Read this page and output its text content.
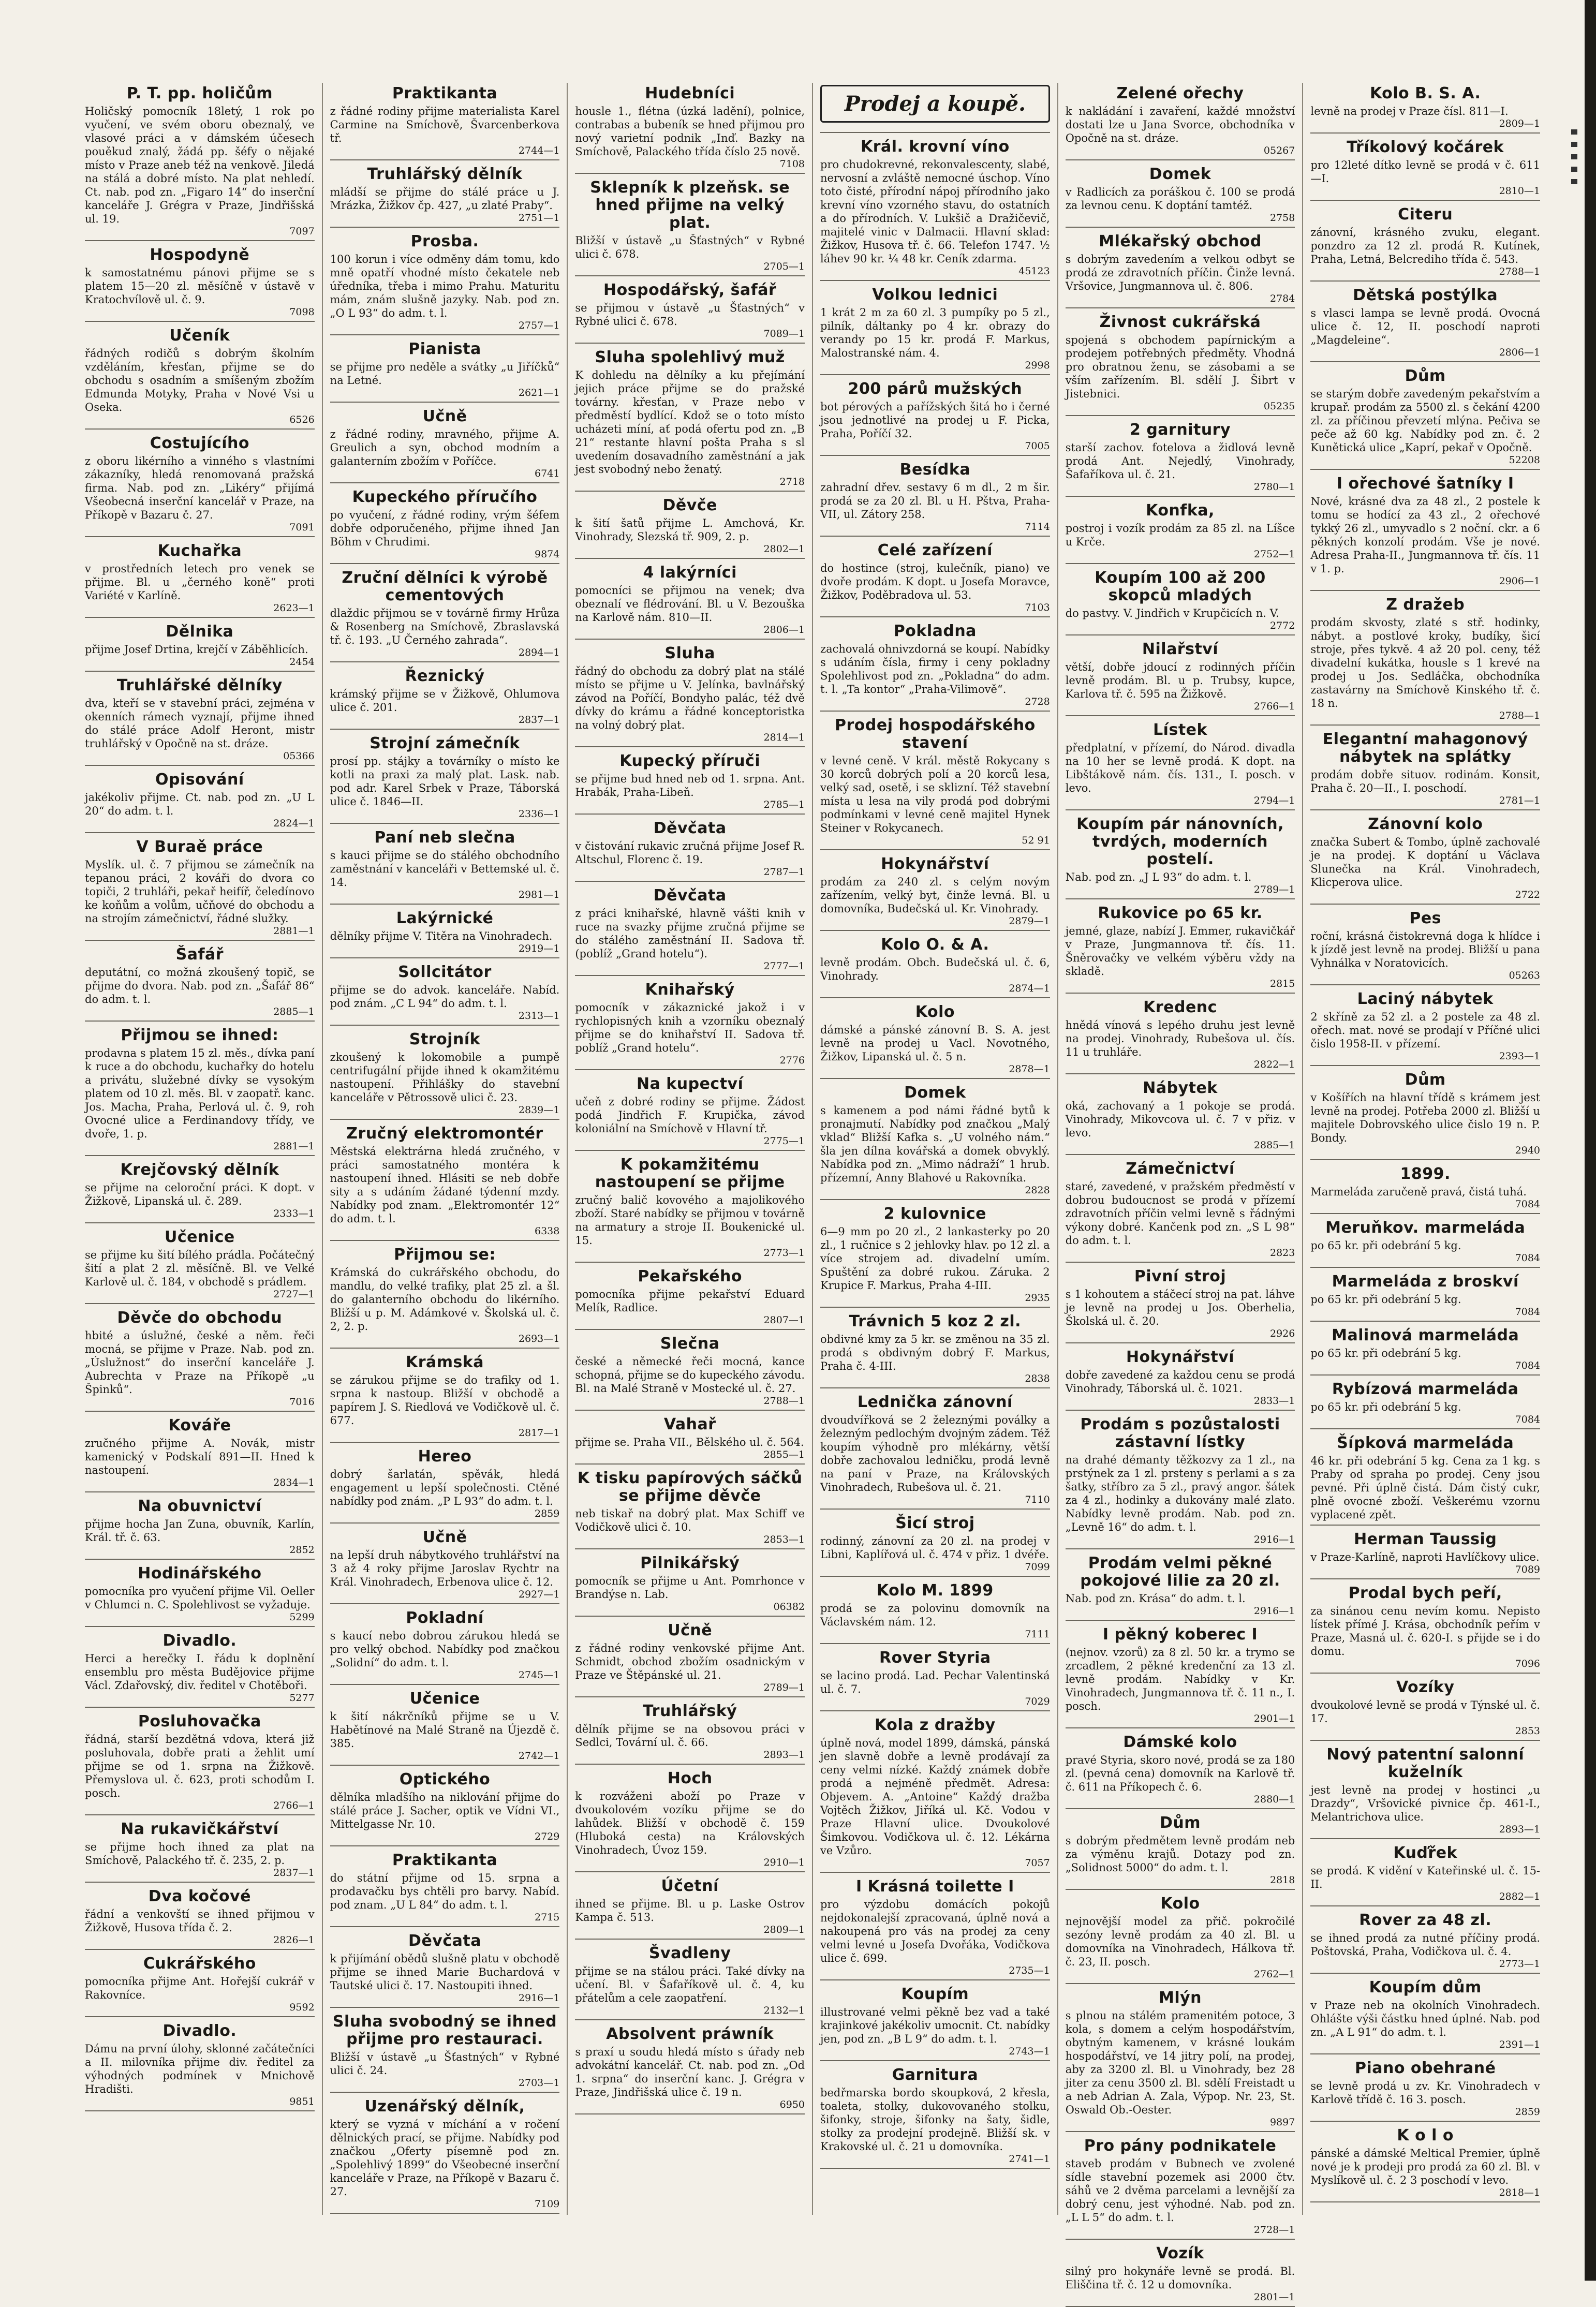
P. T. pp. holičům

Holičský pomocník 18letý, 1 rok po vyučení, ve svém oboru obeznalý, ve vlasové práci a v dámském účesech pouěkud znalý, žádá pp. šéfy o nějaké místo v Praze aneb též na venkově. Jiledá na stálá a dobré místo. Na plat nehledí. Ct. nab. pod zn. „Figaro 14“ do inserční kanceláře J. Grégra v Praze, Jindřišská ul. 19.

7097
Hospodyně

k samostatnému pánovi přijme se s platem 15—20 zl. měsíčně v ústavě v Kratochvílově ul. č. 9.

7098
Učeník

řádných rodičů s dobrým školním vzděláním, křesťan, přijme se do obchodu s osadním a smíšeným zbožím Edmunda Motyky, Praha v Nové Vsi u Oseka.

6526
Costujícího

z oboru likérního a vinného s vlastními zákazníky, hledá renomovaná pražská firma. Nab. pod zn. „Likéry“ přijímá Všeobecná inserční kancelář v Praze, na Příkopě v Bazaru č. 27.

7091
Kuchařka

v prostředních letech pro venek se přijme. Bl. u „černého koně“ proti Variété v Karlíně.

2623—1
Dělnika

přijme Josef Drtina, krejčí v Záběhlicích.

2454
Truhlářské dělníky

dva, kteří se v stavební práci, zejména v okenních rámech vyznají, přijme ihned do stálé práce Adolf Heront, mistr truhlářský v Opočně na st. dráze.

05366
Opisování

jakékoliv přijme. Ct. nab. pod zn. „U L 20“ do adm. t. l.

2824—1
V Buraě práce

Myslík. ul. č. 7 přijmou se zámečník na tepanou práci, 2 kováři do dvora co topiči, 2 truhláři, pekař heifíř, čeledínovo ke koňům a volům, učňové do obchodu a na strojím zámečnictví, řádné služky.

2881—1
Šafář

deputátní, co možná zkoušený topič, se přijme do dvora. Nab. pod zn. „Šafář 86“ do adm. t. l.

2885—1
Přijmou se ihned:

prodavna s platem 15 zl. měs., dívka paní k ruce a do obchodu, kuchařky do hotelu a privátu, služebné dívky se vysokým platem od 10 zl. měs. Bl. v zaopatř. kanc. Jos. Macha, Praha, Perlová ul. č. 9, roh Ovocné ulice a Ferdinandovy třídy, ve dvoře, 1. p.

2881—1
Krejčovský dělník

se přijme na celoroční práci. K dopt. v Žižkově, Lipanská ul. č. 289.

2333—1
Učenice

se přijme ku šití bílého prádla. Počátečný šití a plat 2 zl. měsíčně. Bl. ve Velké Karlově ul. č. 184, v obchodě s prádlem.

2727—1
Děvče do obchodu

hbité a úslužné, české a něm. řeči mocná, se přijme v Praze. Nab. pod zn. „Úslužnost“ do inserční kanceláře J. Aubrechta v Praze na Příkopě „u Špinků“.

7016
Kováře

zručného přijme A. Novák, mistr kamenický v Podskalí 891—II. Hned k nastoupení.

2834—1
Na obuvnictví

přijme hocha Jan Zuna, obuvník, Karlín, Král. tř. č. 63.

2852
Hodinářského

pomocníka pro vyučení přijme Vil. Oeller v Chlumci n. C. Spolehlivost se vyžaduje.

5299
Divadlo.

Herci a herečky I. řádu k doplnění ensemblu pro města Budějovice přijme Václ. Zdařovský, div. ředitel v Chotěboři.

5277
Posluhovačka

řádná, starší bezdětná vdova, která již posluhovala, dobře prati a žehlit umí přijme se od 1. srpna na Žižkově. Přemyslova ul. č. 623, proti schodům I. posch.

2766—1
Na rukavičkářství

se přijme hoch ihned za plat na Smíchově, Palackého tř. č. 235, 2. p.

2837—1
Dva kočové

řádní a venkovští se ihned přijmou v Žižkově, Husova třída č. 2.

2826—1
Cukrářského

pomocníka přijme Ant. Hořejší cukrář v Rakovníce.

9592
Divadlo.

Dámu na první úlohy, sklonné začátečníci a II. milovníka přijme div. ředitel za výhodných podmínek v Mnichově Hradišti.

9851
Praktikanta

z řádné rodiny přijme materialista Karel Carmine na Smíchově, Švarcenberkova tř.

2744—1
Truhlářský dělník

mládší se přijme do stálé práce u J. Mrázka, Žižkov čp. 427, „u zlaté Praby“.

2751—1
Prosba.

100 korun i více odměny dám tomu, kdo mně opatří vhodné místo čekatele neb úředníka, třeba i mimo Prahu. Maturitu mám, znám slušně jazyky. Nab. pod zn. „O L 93“ do adm. t. l.

2757—1
Pianista

se přijme pro neděle a svátky „u Jiříčků“ na Letné.

2621—1
Učně

z řádné rodiny, mravného, přijme A. Greulich a syn, obchod modním a galanterním zbožím v Poříčce.

6741
Kupeckého příručího

po vyučení, z řádné rodiny, vrým šéfem dobře odporučeného, přijme ihned Jan Böhm v Chrudimi.

9874
Zruční dělníci k výrobě cementových

dlaždic přijmou se v továrně firmy Hrůza & Rosenberg na Smíchově, Zbraslavská tř. č. 193. „U Černého zahrada“.

2894—1
Řeznický

krámský přijme se v Žižkově, Ohlumova ulice č. 201.

2837—1
Strojní zámečník

prosí pp. stájky a továrníky o místo ke kotli na praxi za malý plat. Lask. nab. pod adr. Karel Srbek v Praze, Táborská ulice č. 1846—II.

2336—1
Paní neb slečna

s kauci přijme se do stálého obchodního zaměstnání v kanceláři v Bettemské ul. č. 14.

2981—1
Lakýrnické

dělníky přijme V. Titěra na Vinohradech.

2919—1
Sollcitátor

přijme se do advok. kanceláře. Nabíd. pod znám. „C L 94“ do adm. t. l.

2313—1
Strojník

zkoušený k lokomobile a pumpě centrifugální přijde ihned k okamžitému nastoupení. Přihlášky do stavební kanceláře v Pětrossově ulici č. 23.

2839—1
Zručný elektromontér

Městská elektrárna hledá zručného, v práci samostatného montéra k nastoupení ihned. Hlásiti se neb dobře sity a s udáním žádané týdenní mzdy. Nabídky pod znam. „Elektromontér 12“ do adm. t. l.

6338
Přijmou se:

Krámská do cukrářského obchodu, do mandlu, do velké trafiky, plat 25 zl. a šl. do galanterního obchodu do likérního. Bližší u p. M. Adámkové v. Školská ul. č. 2, 2. p.

2693—1
Krámská

se zárukou přijme se do trafiky od 1. srpna k nastoup. Bližší v obchodě a papírem J. S. Riedlová ve Vodičkově ul. č. 677.

2817—1
Hereo

dobrý šarlatán, spěvák, hledá engagement u lepší společnosti. Ctěné nabídky pod znám. „P L 93“ do adm. t. l.

2859
Učně

na lepší druh nábytkového truhlářství na 3 až 4 roky přijme Jaroslav Rychtr na Král. Vinohradech, Erbenova ulice č. 12.

2927—1
Pokladní

s kaucí nebo dobrou zárukou hledá se pro velký obchod. Nabídky pod značkou „Solidní“ do adm. t. l.

2745—1
Učenice

k šití nákrčníků přijme se u V. Habětínové na Malé Straně na Újezdě č. 385.

2742—1
Optického

dělníka mladšího na niklování přijme do stálé práce J. Sacher, optik ve Vídni VI., Mittelgasse Nr. 10.

2729
Praktikanta

do státní přijme od 15. srpna a prodavačku bys chtěli pro barvy. Nabíd. pod znam. „U L 84“ do adm. t. l.

2715
Děvčata

k přijímání obědů slušně platu v obchodě přijme se ihned Marie Buchardová v Tautské ulici č. 17. Nastoupiti ihned.

2916—1
Sluha svobodný se ihned přijme pro restauraci.

Bližší v ústavě „u Šťastných“ v Rybné ulici č. 24.

2703—1
Uzenářský dělník,

který se vyzná v míchání a v ročení dělnických prací, se přijme. Nabídky pod značkou „Oferty písemně pod zn. „Spolehlivý 1899“ do Všeobecné inserční kanceláře v Praze, na Příkopě v Bazaru č. 27.

7109
Hudebníci

housle 1., flétna (úzká ladění), polnice, contrabas a bubeník se hned přijmou pro nový varietní podnik „Inď. Bazky na Smíchově, Palackého třída číslo 25 nově.

7108
Sklepník k plzeňsk. se hned přijme na velký plat.

Bližší v ústavě „u Šťastných“ v Rybné ulici č. 678.

2705—1
Hospodářský, šafář

se přijmou v ústavě „u Šťastných“ v Rybné ulici č. 678.

7089—1
Sluha spolehlivý muž

K dohledu na dělníky a ku přejímání jejich práce přijme se do pražské továrny. křesťan, v Praze nebo v předměstí bydlící. Kdož se o toto místo ucházeti míní, ať podá ofertu pod zn. „B 21“ restante hlavní pošta Praha s sl uvedením dosavadního zaměstnání a jak jest svobodný nebo ženatý.

2718
Děvče

k šití šatů přijme L. Amchová, Kr. Vinohrady, Slezská tř. 909, 2. p.

2802—1
4 lakýrníci

pomocníci se přijmou na venek; dva obeznalí ve flédrování. Bl. u V. Bezouška na Karlově nám. 810—II.

2806—1
Sluha

řádný do obchodu za dobrý plat na stálé místo se přijme u V. Jelínka, bavlnářský závod na Poříčí, Bondyho palác, též dvě dívky do krámu a řádné konceptoristka na volný dobrý plat.

2814—1
Kupecký příruči

se přijme bud hned neb od 1. srpna. Ant. Hrabák, Praha-Libeň.

2785—1
Děvčata

v čistování rukavic zručná přijme Josef R. Altschul, Florenc č. 19.

2787—1
Děvčata

z práci knihařské, hlavně vášti knih v ruce na svazky přijme zručná přijme se do stálého zaměstnání II. Sadova tř. (poblíž „Grand hotelu“).

2777—1
Knihařský

pomocník v zákaznické jakož i v rychlopisných knih a vzorníku obeznalý přijme se do knihařství II. Sadova tř. poblíž „Grand hotelu“.

2776
Na kupectví

učeň z dobré rodiny se přijme. Žádost podá Jindřich F. Krupička, závod koloniální na Smíchově v Hlavní tř.

2775—1
K pokamžitému nastoupení se přijme

zručný balič kovového a majolikového zboží. Staré nabídky se přijmou v továrně na armatury a stroje II. Boukenické ul. 15.

2773—1
Pekařského

pomocníka přijme pekařství Eduard Melík, Radlice.

2807—1
Slečna

české a německé řeči mocná, kance schopná, přijme se do kupeckého závodu. Bl. na Malé Straně v Mostecké ul. č. 27.

2788—1
Vahař

přijme se. Praha VII., Bělského ul. č. 564.

2855—1
K tisku papírových sáčků se přijme děvče

neb tiskař na dobrý plat. Max Schiff ve Vodičkově ulici č. 10.

2853—1
Pilnikářský

pomocník se přijme u Ant. Pomrhonce v Brandýse n. Lab.

06382
Učně

z řádné rodiny venkovské přijme Ant. Schmidt, obchod zbožím osadnickým v Praze ve Štěpánské ul. 21.

2789—1
Truhlářský

dělník přijme se na obsovou práci v Sedlci, Tovární ul. č. 66.

2893—1
Hoch

k rozváženi aboží po Praze v dvoukolovém vozíku přijme se do lahůdek. Bližší v obchodě č. 159 (Hluboká cesta) na Královských Vinohradech, Úvoz 159.

2910—1
Účetní

ihned se přijme. Bl. u p. Laske Ostrov Kampa č. 513.

2809—1
Švadleny

přijme se na stálou práci. Také dívky na učení. Bl. v Šafaříkově ul. č. 4, ku přátelům a cele zaopatření.

2132—1
Absolvent práwník

s praxí u soudu hledá místo s úřady neb advokátní kancelář. Ct. nab. pod zn. „Od 1. srpna“ do inserční kanc. J. Grégra v Praze, Jindřišská ulice č. 19 n.

6950
Prodej a koupě.
Král. krovní víno

pro chudokrevné, rekonvalescenty, slabé, nervosní a zvláště nemocné úschop. Víno toto čisté, přírodní nápoj přírodního jako krevní víno vzorného stavu, do ostatních a do přírodních. V. Lukšič a Dražičevič, majitelé vinic v Dalmacii. Hlavní sklad: Žižkov, Husova tř. č. 66. Telefon 1747. ½ láhev 90 kr. ¼ 48 kr. Ceník zdarma.

45123
Volkou lednici

1 krát 2 m za 60 zl. 3 pumpíky po 5 zl., pilník, dáltanky po 4 kr. obrazy do verandy po 15 kr. prodá F. Markus, Malostranské nám. 4.

2998
200 párů mužských

bot pérových a pařížských šitá ho i černé jsou jednotlivé na prodej u F. Picka, Praha, Poříčí 32.

7005
Besídka

zahradní dřev. sestavy 6 m dl., 2 m šir. prodá se za 20 zl. Bl. u H. Pštva, Praha-VII, ul. Zátory 258.

7114
Celé zařízení

do hostince (stroj, kulečník, piano) ve dvoře prodám. K dopt. u Josefa Moravce, Žižkov, Poděbradova ul. 53.

7103
Pokladna

zachovalá ohnivzdorná se koupí. Nabídky s udáním čísla, firmy i ceny pokladny Spolehlivost pod zn. „Pokladna“ do adm. t. l. „Ta kontor“ „Praha-Vilimově“.

2728
Prodej hospodářského stavení

v levné ceně. V král. městě Rokycany s 30 korců dobrých polí a 20 korců lesa, velký sad, osetě, i se sklizní. Též stavební místa u lesa na vily prodá pod dobrými podmínkami v levné ceně majitel Hynek Steiner v Rokycanech.

52 91
Hokynářství

prodám za 240 zl. s celým novým zařízením, velký byt, činže levná. Bl. u domovníka, Budečská ul. Kr. Vinohrady.

2879—1
Kolo O. & A.

levně prodám. Obch. Budečská ul. č. 6, Vinohrady.

2874—1
Kolo

dámské a pánské zánovní B. S. A. jest levně na prodej u Vacl. Novotného, Žižkov, Lipanská ul. č. 5 n.

2878—1
Domek

s kamenem a pod námi řádné bytů k pronajmutí. Nabídky pod značkou „Malý vklad“ Bližší Kafka s. „U volného nám.“ šla jen dílna kovářská a domek obvyklý. Nabídka pod zn. „Mimo nádraží“ 1 hrub. přízemní, Anny Blahové u Rakovníka.

2828
2 kulovnice

6—9 mm po 20 zl., 2 lankasterky po 20 zl., 1 ručnice s 2 jehlovky hlav. po 12 zl. a více strojem ad. divadelní umím. Spuštění za dobré rukou. Záruka. 2 Krupice F. Markus, Praha 4-III.

2935
Trávnich 5 koz 2 zl.

obdivné kmy za 5 kr. se změnou na 35 zl. prodá s obdivným dobrý F. Markus, Praha č. 4-III.

2838
Lednička zánovní

dvoudvířková se 2 železnými poválky a železným pedlochým dvojným zádem. Též koupím výhodně pro mlékárny, větší dobře zachovalou ledničku, prodá levně na paní v Praze, na Královských Vinohradech, Rubešova ul. č. 21.

7110
Šicí stroj

rodinný, zánovní za 20 zl. na prodej v Libni, Kaplířová ul. č. 474 v přiz. 1 dvéře.

7099
Kolo M. 1899

prodá se za polovinu domovník na Václavském nám. 12.

7111
Rover Styria

se lacino prodá. Lad. Pechar Valentinská ul. č. 7.

7029
Kola z dražby

úplně nová, model 1899, dámská, pánská jen slavně dobře a levně prodávají za ceny velmi nízké. Každý známek dobře prodá a nejméně předmět. Adresa: Objevem. A. „Antoine“ Každý dražba Vojtěch Žižkov, Jiříká ul. Kč. Vodou v Praze Hlavní ulice. Dvoukolové Šimkovou. Vodičkova ul. č. 12. Lékárna ve Vzůro.

7057
I Krásná toilette I

pro výzdobu domácích pokojů nejdokonalejší zpracovaná, úplně nová a nakoupená pro vás na prodej za ceny velmi levné u Josefa Dvořáka, Vodičkova ulice č. 699.

2735—1
Koupím

illustrované velmi pěkně bez vad a také krajinkové jakékoliv umocnit. Ct. nabídky jen, pod zn. „B L 9“ do adm. t. l.

2743—1
Garnitura

bedřmarska bordo skoupková, 2 křesla, toaleta, stolky, dukovovaného stolku, šifonky, stroje, šifonky na šaty, šidle, stolky za prodejní prodejně. Bližší sk. v Krakovské ul. č. 21 u domovníka.

2741—1
Zelené ořechy

k nakládání i zavaření, každé množství dostati lze u Jana Svorce, obchodníka v Opočně na st. dráze.

05267
Domek

v Radlicích za poráškou č. 100 se prodá za levnou cenu. K doptání tamtéž.

2758
Mlékařský obchod

s dobrým zavedením a velkou odbyt se prodá ze zdravotních příčin. Činže levná. Vršovice, Jungmannova ul. č. 806.

2784
Živnost cukrářská

spojená s obchodem papírnickým a prodejem potřebných předměty. Vhodná pro obratnou ženu, se zásobami a se vším zařízením. Bl. sdělí J. Šibrt v Jistebnici.

05235
2 garnitury

starší zachov. fotelova a židlová levně prodá Ant. Nejedlý, Vinohrady, Šafaříkova ul. č. 21.

2780—1
Konfka,

postroj i vozík prodám za 85 zl. na Líšce u Krče.

2752—1
Koupím 100 až 200 skopců mladých

do pastvy. V. Jindřich v Krupčicích n. V.

2772
Nilařství

větší, dobře jdoucí z rodinných příčin levně prodám. Bl. u p. Trubsy, kupce, Karlova tř. č. 595 na Žižkově.

2766—1
Lístek

předplatní, v přízemí, do Národ. divadla na 10 her se levně prodá. K dopt. na Libštákově nám. čís. 131., I. posch. v levo.

2794—1
Koupím pár nánovních, tvrdých, moderních postelí.

Nab. pod zn. „J L 93“ do adm. t. l.

2789—1
Rukovice po 65 kr.

jemné, glaze, nabízí J. Emmer, rukavičkář v Praze, Jungmannova tř. čís. 11. Šněrovačky ve velkém výběru vždy na skladě.

2815
Kredenc

hnědá vínová s lepého druhu jest levně na prodej. Vinohrady, Rubešova ul. čís. 11 u truhláře.

2822—1
Nábytek

oká, zachovaný a 1 pokoje se prodá. Vinohrady, Mikovcova ul. č. 7 v přiz. v levo.

2885—1
Zámečnictví

staré, zavedené, v pražském předměstí v dobrou budoucnost se prodá v přízemí zdravotních příčin velmi levně s řádnými výkony dobré. Kančenk pod zn. „S L 98“ do adm. t. l.

2823
Pivní stroj

s 1 kohoutem a stáčecí stroj na pat. láhve je levně na prodej u Jos. Oberhelia, Školská ul. č. 20.

2926
Hokynářství

dobře zavedené za každou cenu se prodá Vinohrady, Táborská ul. č. 1021.

2833—1
Prodám s pozůstalosti zástavní lístky

na drahé démanty těžkozvy za 1 zl., na prstýnek za 1 zl. prsteny s perlami a s za šatky, stříbro za 5 zl., pravý angor. šátek za 4 zl., hodinky a dukovány malé zlato. Nabídky levně prodám. Nab. pod zn. „Levně 16“ do adm. t. l.

2916—1
Prodám velmi pěkné pokojové lilie za 20 zl.

Nab. pod zn. Krása“ do adm. t. l.

2916—1
I pěkný koberec I

(nejnov. vzorů) za 8 zl. 50 kr. a trymo se zrcadlem, 2 pěkné kredenční za 13 zl. levně prodám. Nabídky v Kr. Vinohradech, Jungmannova tř. č. 11 n., I. posch.

2901—1
Dámské kolo

pravé Styria, skoro nové, prodá se za 180 zl. (pevná cena) domovník na Karlově tř. č. 611 na Příkopech č. 6.

2880—1
Dům

s dobrým předmětem levně prodám neb za výměnu krajů. Dotazy pod zn. „Solidnost 5000“ do adm. t. l.

2818
Kolo

nejnovější model za přič. pokročilé sezóny levně prodám za 40 zl. Bl. u domovníka na Vinohradech, Hálkova tř. č. 23, II. posch.

2762—1
Mlýn

s plnou na stálém pramenitém potoce, 3 kola, s domem a celým hospodářstvím, obytným kamenem, v krásné loukám hospodářství, ve 14 jitry polí, na prodej, aby za 3200 zl. Bl. u Vinohrady, bez 28 jiter za cenu 3500 zl. Bl. sdělí Freistadt u a neb Adrian A. Zala, Výpop. Nr. 23, St. Oswald Ob.-Oester.

9897
Pro pány podnikatele

staveb prodám v Bubnech ve zvolené sídle stavební pozemek asi 2000 čtv. sáhů ve 2 dvěma parcelami a levnější za dobrý cenu, jest výhodné. Nab. pod zn. „L L 5“ do adm. t. l.

2728—1
Vozík

silný pro hokynáře levně se prodá. Bl. Eliščina tř. č. 12 u domovníka.

2801—1
Kolo B. S. A.

levně na prodej v Praze čísl. 811—I.

2809—1
Tříkolový kočárek

pro 12leté dítko levně se prodá v č. 611—I.

2810—1
Citeru

zánovní, krásného zvuku, elegant. ponzdro za 12 zl. prodá R. Kutínek, Praha, Letná, Belcrediho třída č. 543.

2788—1
Dětská postýlka

s vlasci lampa se levně prodá. Ovocná ulice č. 12, II. poschodí naproti „Magdeleine“.

2806—1
Dům

se starým dobře zavedeným pekařstvím a krupař. prodám za 5500 zl. s čekání 4200 zl. za příčinou převzetí mlýna. Pečiva se peče až 60 kg. Nabídky pod zn. č. 2 Kunětická ulice „Kaprí, pekař v Opočně.

52208
I ořechové šatníky I

Nové, krásné dva za 48 zl., 2 postele k tomu se hodící za 43 zl., 2 ořechové tykký 26 zl., umyvadlo s 2 noční. ckr. a 6 pěkných konzolí prodám. Vše je nové. Adresa Praha-II., Jungmannova tř. čís. 11 v 1. p.

2906—1
Z dražeb

prodám skvosty, zlaté s stř. hodinky, nábyt. a postlové kroky, budíky, šicí stroje, přes tykvě. 4 až 20 pol. ceny, též divadelní kukátka, housle s 1 krevé na prodej u Jos. Sedláčka, obchodníka zastavárny na Smíchově Kinského tř. č. 18 n.

2788—1
Elegantní mahagonový nábytek na splátky

prodám dobře situov. rodinám. Konsit, Praha č. 20—II., I. poschodí.

2781—1
Zánovní kolo

značka Subert & Tombo, úplně zachovalé je na prodej. K doptání u Václava Slunečka na Král. Vinohradech, Klicperova ulice.

2722
Pes

roční, krásná čistokrevná doga k hlídce i k jízdě jest levně na prodej. Bližší u pana Vyhnálka v Noratovicích.

05263
Laciný nábytek

2 skříně za 52 zl. a 2 postele za 48 zl. ořech. mat. nové se prodají v Příčné ulici čislo 1958-II. v přízemí.

2393—1
Dům

v Košířích na hlavní třídě s krámem jest levně na prodej. Potřeba 2000 zl. Bližší u majitele Dobrovského ulice čislo 19 n. P. Bondy.

2940
1899.

Marmeláda zaručeně pravá, čistá tuhá.

7084
Meruňkov. marmeláda

po 65 kr. při odebrání 5 kg.

7084
Marmeláda z broskví

po 65 kr. při odebrání 5 kg.

7084
Malinová marmeláda

po 65 kr. při odebrání 5 kg.

7084
Rybízová marmeláda

po 65 kr. při odebrání 5 kg.

7084
Šípková marmeláda

46 kr. při odebrání 5 kg. Cena za 1 kg. s Praby od spraha po prodej. Ceny jsou pevné. Při úplně čistá. Dám čistý cukr, plně ovocné zboží. Veškerému vzornu vyplacené zpět.

Herman Taussig

v Praze-Karlíně, naproti Havlíčkovy ulice.

7089
Prodal bych peří,

za sinánou cenu nevím komu. Nepisto lístek přímé J. Krása, obchodník peřím v Praze, Masná ul. č. 620-I. s přijde se i do domu.

7096
Vozíky

dvoukolové levně se prodá v Týnské ul. č. 17.

2853
Nový patentní salonní kuželník

jest levně na prodej v hostinci „u Drazdy“, Vršovické pivnice čp. 461-I., Melantrichova ulice.

2893—1
Kuďřek

se prodá. K vidění v Kateřinské ul. č. 15-II.

2882—1
Rover za 48 zl.

se ihned prodá za nutné příčiny prodá. Poštovská, Praha, Vodičkova ul. č. 4.

2773—1
Koupím dům

v Praze neb na okolních Vinohradech. Ohlášte výši částku hned úplné. Nab. pod zn. „A L 91“ do adm. t. l.

2391—1
Piano obehrané

se levně prodá u zv. Kr. Vinohradech v Karlově třídě č. 16 3. posch.

2859
K o l o

pánské a dámské Meltical Premier, úplně nové je k prodeji pro prodá za 60 zl. Bl. v Myslíkově ul. č. 2 3 poschodí v levo.

2818—1
